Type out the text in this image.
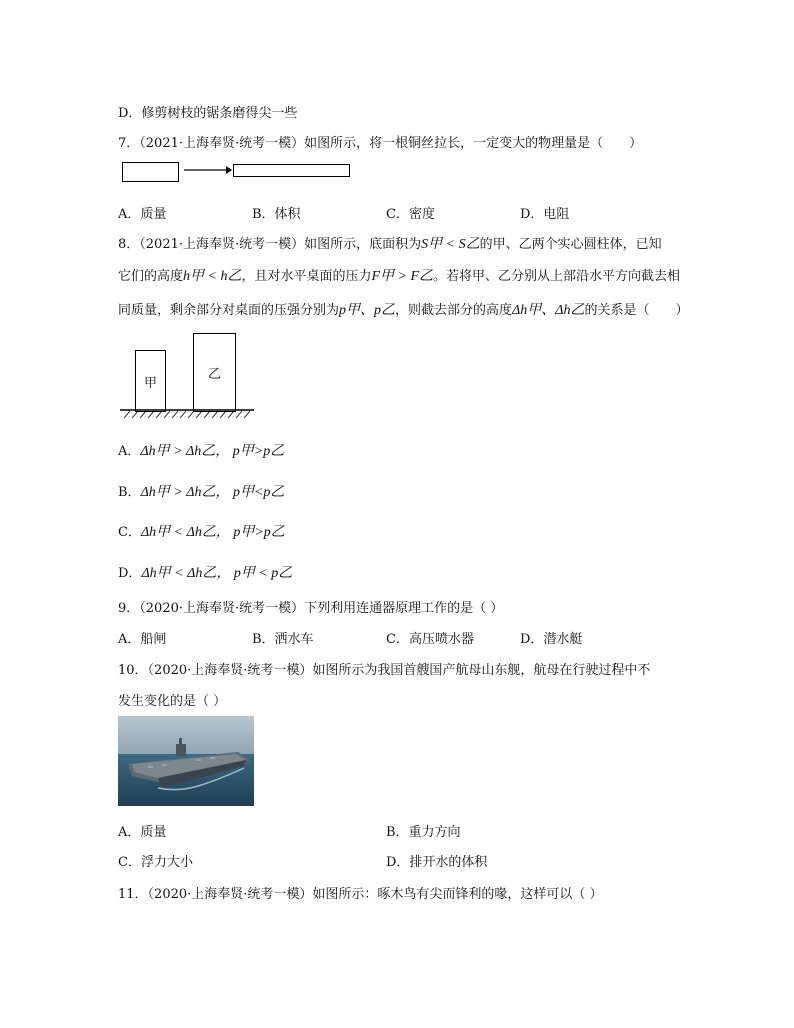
D．修剪树枝的锯条磨得尖一些
7．（2021·上海奉贤·统考一模）如图所示，将一根铜丝拉长，一定变大的物理量是（　　）
A．质量	B．体积	C．密度	D．电阻
8．（2021·上海奉贤·统考一模）如图所示，底面积为S甲 < S乙的甲、乙两个实心圆柱体，已知
它们的高度h甲 < h乙，且对水平桌面的压力F甲 > F乙。若将甲、乙分别从上部沿水平方向截去相
同质量，剩余部分对桌面的压强分别为p甲、p乙，则截去部分的高度Δh甲、Δh乙的关系是（　　）
甲
乙
A．Δh甲 > Δh乙， p甲>p乙
B．Δh甲 > Δh乙， p甲<p乙
C．Δh甲 < Δh乙， p甲>p乙
D．Δh甲 < Δh乙， p甲 < p乙
9．（2020·上海奉贤·统考一模）下列利用连通器原理工作的是（ ）
A．船闸	B．洒水车	C．高压喷水器	D．潜水艇
10．（2020·上海奉贤·统考一模）如图所示为我国首艘国产航母山东舰，航母在行驶过程中不
发生变化的是（ ）
A．质量	B．重力方向
C．浮力大小	D．排开水的体积
11．（2020·上海奉贤·统考一模）如图所示：啄木鸟有尖而锋利的喙，这样可以（ ）
